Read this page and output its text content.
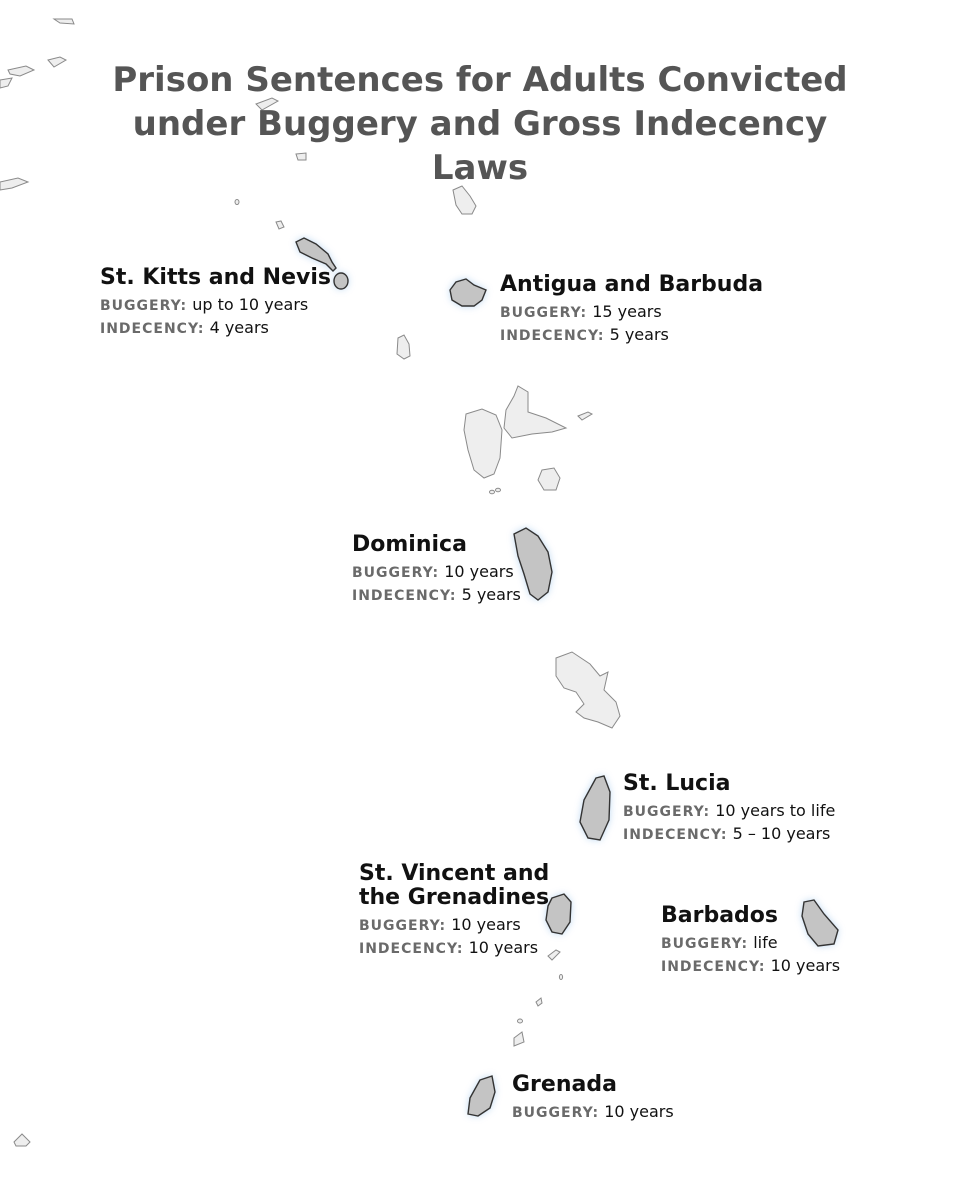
Prison Sentences for Adults Convicted
under Buggery and Gross Indecency Laws
St. Kitts and Nevis
BUGGERY: up to 10 years
INDECENCY: 4 years
Antigua and Barbuda
BUGGERY: 15 years
INDECENCY: 5 years
Dominica
BUGGERY: 10 years
INDECENCY: 5 years
St. Lucia
BUGGERY: 10 years to life
INDECENCY: 5 – 10 years
St. Vincent and
the Grenadines
BUGGERY: 10 years
INDECENCY: 10 years
Barbados
BUGGERY: life
INDECENCY: 10 years
Grenada
BUGGERY: 10 years
